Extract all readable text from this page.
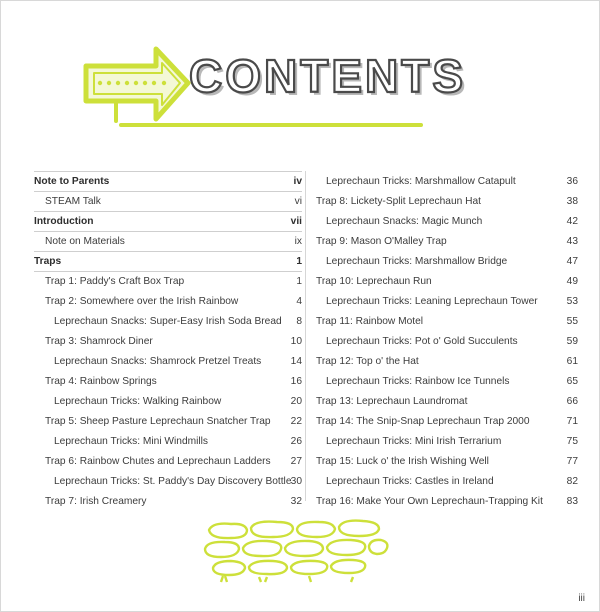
CONTENTS
Note to Parents	iv
STEAM Talk	vi
Introduction	vii
Note on Materials	ix
Traps	1
Trap 1: Paddy's Craft Box Trap	1
Trap 2: Somewhere over the Irish Rainbow	4
Leprechaun Snacks: Super-Easy Irish Soda Bread 8
Trap 3: Shamrock Diner	10
Leprechaun Snacks: Shamrock Pretzel Treats	14
Trap 4: Rainbow Springs	16
Leprechaun Tricks: Walking Rainbow	20
Trap 5: Sheep Pasture Leprechaun Snatcher Trap 22
Leprechaun Tricks: Mini Windmills	26
Trap 6: Rainbow Chutes and Leprechaun Ladders 27
Leprechaun Tricks: St. Paddy's Day Discovery Bottle 30
Trap 7: Irish Creamery	32
Leprechaun Tricks: Marshmallow Catapult	36
Trap 8: Lickety-Split Leprechaun Hat	38
Leprechaun Snacks: Magic Munch	42
Trap 9: Mason O'Malley Trap	43
Leprechaun Tricks: Marshmallow Bridge	47
Trap 10: Leprechaun Run	49
Leprechaun Tricks: Leaning Leprechaun Tower	53
Trap 11: Rainbow Motel	55
Leprechaun Tricks: Pot o' Gold Succulents	59
Trap 12: Top o' the Hat	61
Leprechaun Tricks: Rainbow Ice Tunnels	65
Trap 13: Leprechaun Laundromat	66
Trap 14: The Snip-Snap Leprechaun Trap 2000	71
Leprechaun Tricks: Mini Irish Terrarium	75
Trap 15: Luck o' the Irish Wishing Well	77
Leprechaun Tricks: Castles in Ireland	82
Trap 16: Make Your Own Leprechaun-Trapping Kit 83
iii
